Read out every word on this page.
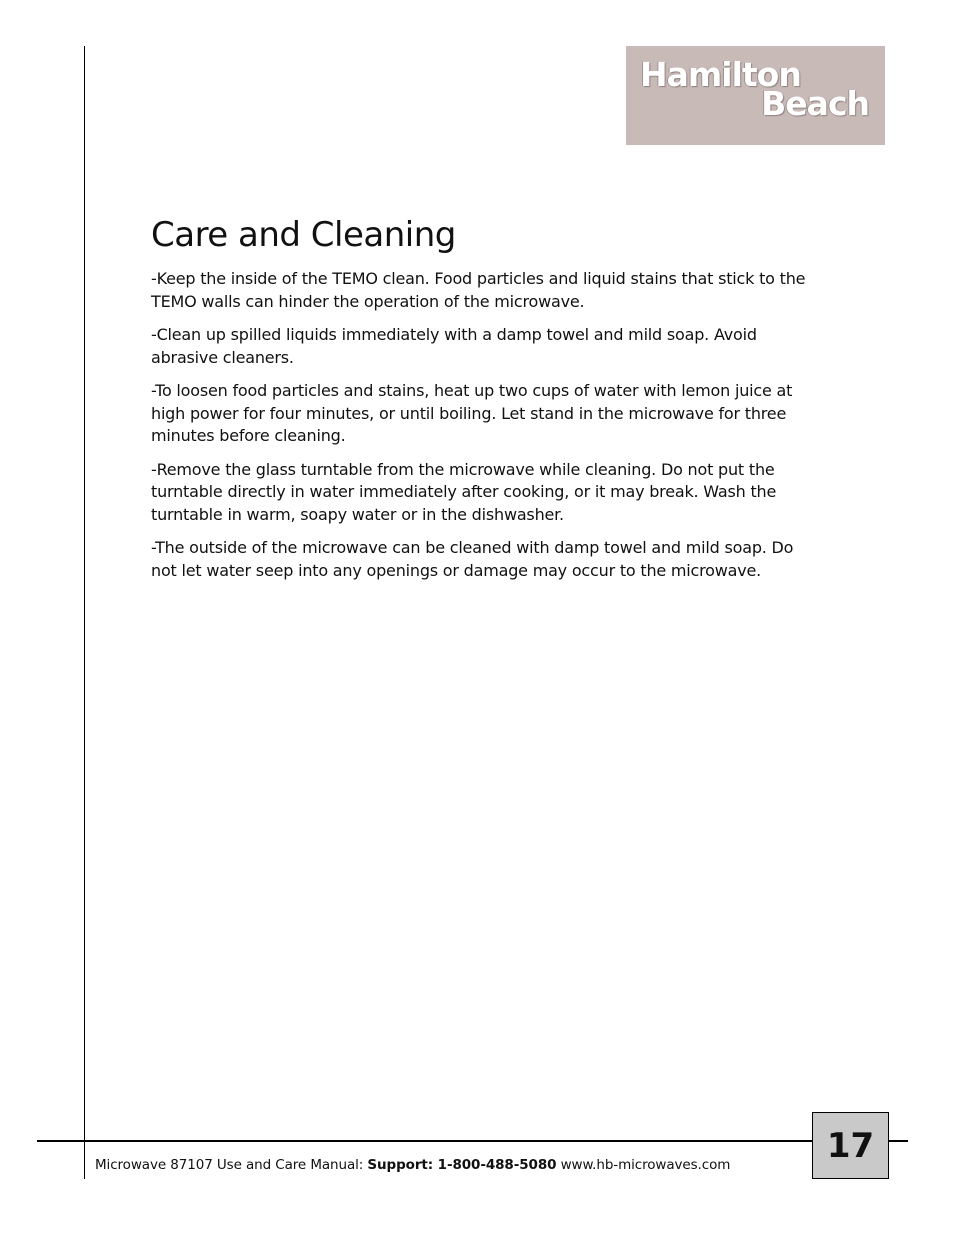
Hamilton
Beach
Care and Cleaning

-Keep the inside of the TEMO clean. Food particles and liquid stains that stick to the TEMO walls can hinder the operation of the microwave.

-Clean up spilled liquids immediately with a damp towel and mild soap. Avoid abrasive cleaners.

-To loosen food particles and stains, heat up two cups of water with lemon juice at high power for four minutes, or until boiling. Let stand in the microwave for three minutes before cleaning.

-Remove the glass turntable from the microwave while cleaning. Do not put the turntable directly in water immediately after cooking, or it may break. Wash the turntable in warm, soapy water or in the dishwasher.

-The outside of the microwave can be cleaned with damp towel and mild soap. Do not let water seep into any openings or damage may occur to the microwave.

Microwave 87107 Use and Care Manual: Support: 1-800-488-5080 www.hb-microwaves.com	17
